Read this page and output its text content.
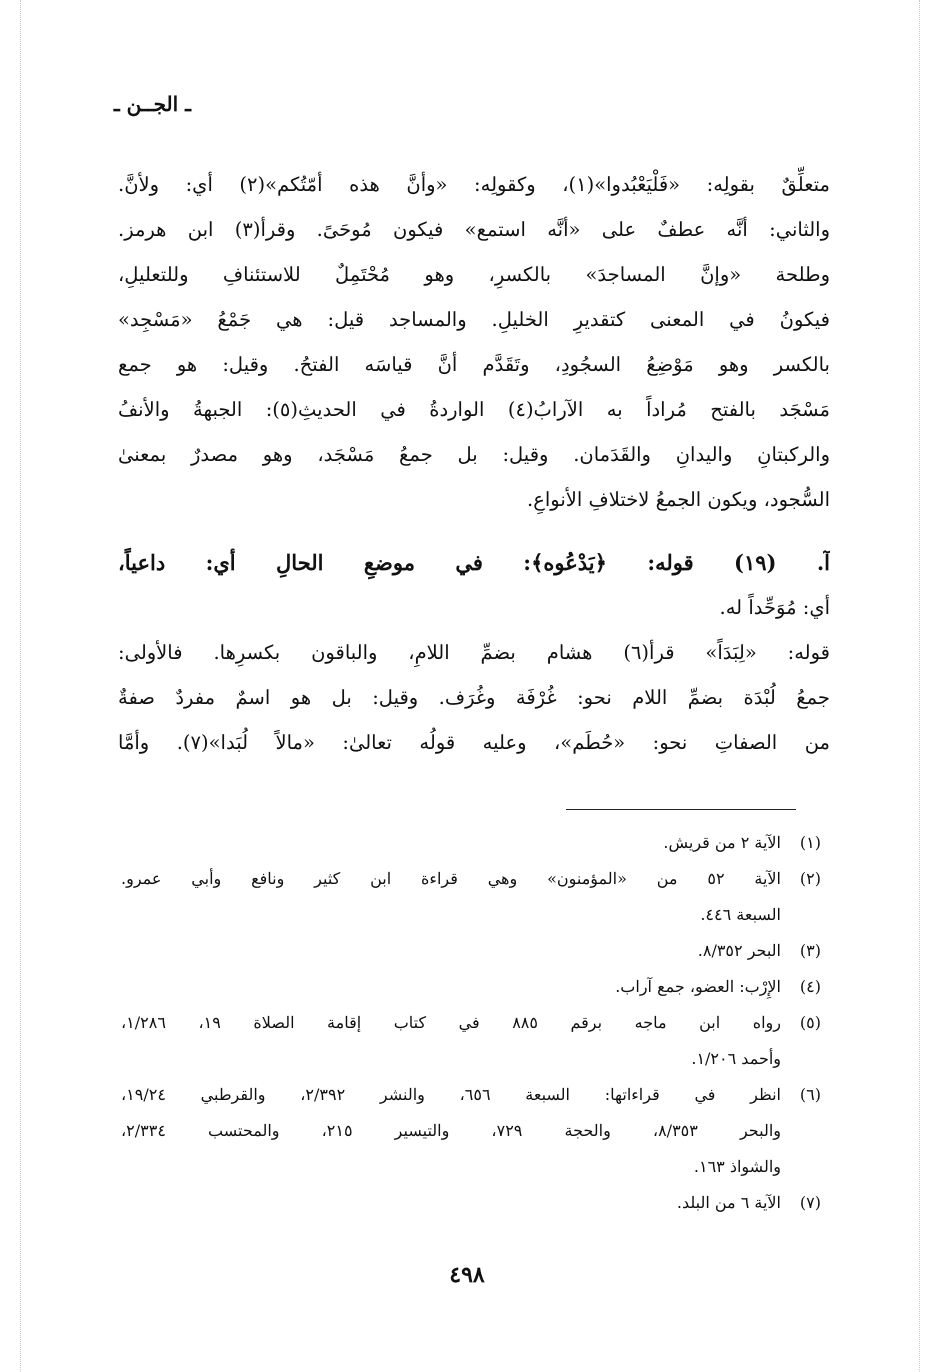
ـ الجــن ـ
متعلِّقٌ بقولِه: «فَلْيَعْبُدوا»(١)، وكقولِه: «وأنَّ هذه أمّتُكم»(٢) أي: ولأنَّ.
والثاني: أنَّه عطفٌ على «أنَّه استمع» فيكون مُوحَىً. وقرأ(٣) ابن هرمز.
وطلحة «وإنَّ المساجدَ» بالكسرِ، وهو مُحْتَمِلٌ للاستئنافِ وللتعليلِ،
فيكونُ في المعنى كتقديرِ الخليلِ. والمساجد قيل: هي جَمْعُ «مَسْجِد»
بالكسر وهو مَوْضِعُ السجُودِ، وتَقَدَّم أنَّ قياسَه الفتحُ. وقيل: هو جمع
مَسْجَد بالفتح مُراداً به الآرابُ(٤) الواردةُ في الحديثِ(٥): الجبهةُ والأنفُ
والركبتانِ واليدانِ والقَدَمان. وقيل: بل جمعُ مَسْجَد، وهو مصدرٌ بمعنىٰ
السُّجود، ويكون الجمعُ لاختلافِ الأنواعِ.
آ. (١٩) قوله: ﴿يَدْعُوه﴾: في موضعِ الحالِ أي: داعياً،
أي: مُوَحِّداً له.
قوله: «لِبَدَاً» قرأ(٦) هشام بضمِّ اللامِ، والباقون بكسرِها. فالأولى:
جمعُ لُبْدَة بضمِّ اللام نحو: غُرْفَة وغُرَف. وقيل: بل هو اسمٌ مفردٌ صفةٌ
من الصفاتِ نحو: «حُطَم»، وعليه قولُه تعالىٰ: «مالاً لُبَدا»(٧). وأمَّا
(١)
الآية ٢ من قريش.
(٢)
الآية ٥٢ من «المؤمنون» وهي قراءة ابن كثير ونافع وأبي عمرو.
السبعة ٤٤٦.
(٣)
البحر ٨/٣٥٢.
(٤)
الإِرْب: العضو، جمع آراب.
(٥)
رواه ابن ماجه برقم ٨٨٥ في كتاب إقامة الصلاة ١٩، ١/٢٨٦،
وأحمد ١/٢٠٦.
(٦)
انظر في قراءاتها: السبعة ٦٥٦، والنشر ٢/٣٩٢، والقرطبي ١٩/٢٤،
والبحر ٨/٣٥٣، والحجة ٧٢٩، والتيسير ٢١٥، والمحتسب ٢/٣٣٤،
والشواذ ١٦٣.
(٧)
الآية ٦ من البلد.
٤٩٨
